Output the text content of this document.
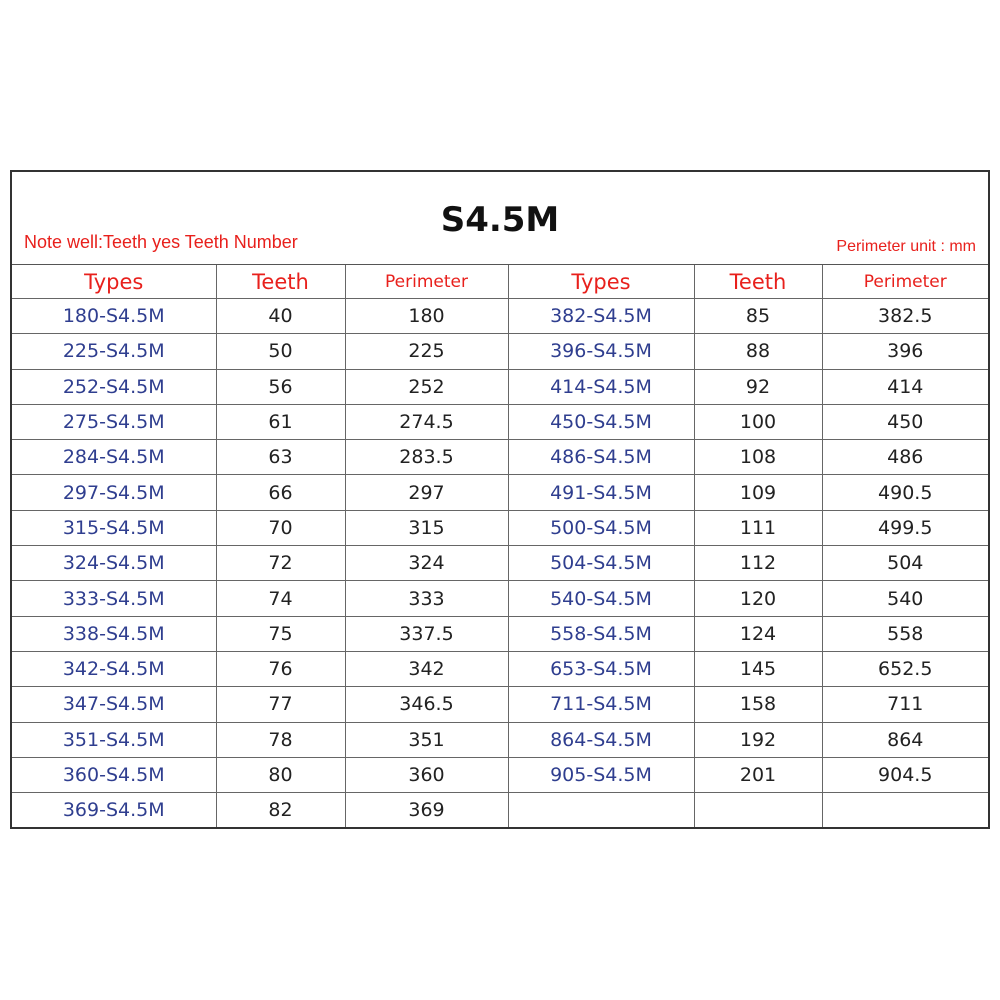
S4.5M
Note well:Teeth yes Teeth Number	Perimeter unit : mm
Types	Teeth	Perimeter	Types	Teeth	Perimeter
180-S4.5M	40	180	382-S4.5M	85	382.5
225-S4.5M	50	225	396-S4.5M	88	396
252-S4.5M	56	252	414-S4.5M	92	414
275-S4.5M	61	274.5	450-S4.5M	100	450
284-S4.5M	63	283.5	486-S4.5M	108	486
297-S4.5M	66	297	491-S4.5M	109	490.5
315-S4.5M	70	315	500-S4.5M	111	499.5
324-S4.5M	72	324	504-S4.5M	112	504
333-S4.5M	74	333	540-S4.5M	120	540
338-S4.5M	75	337.5	558-S4.5M	124	558
342-S4.5M	76	342	653-S4.5M	145	652.5
347-S4.5M	77	346.5	711-S4.5M	158	711
351-S4.5M	78	351	864-S4.5M	192	864
360-S4.5M	80	360	905-S4.5M	201	904.5
369-S4.5M	82	369			
